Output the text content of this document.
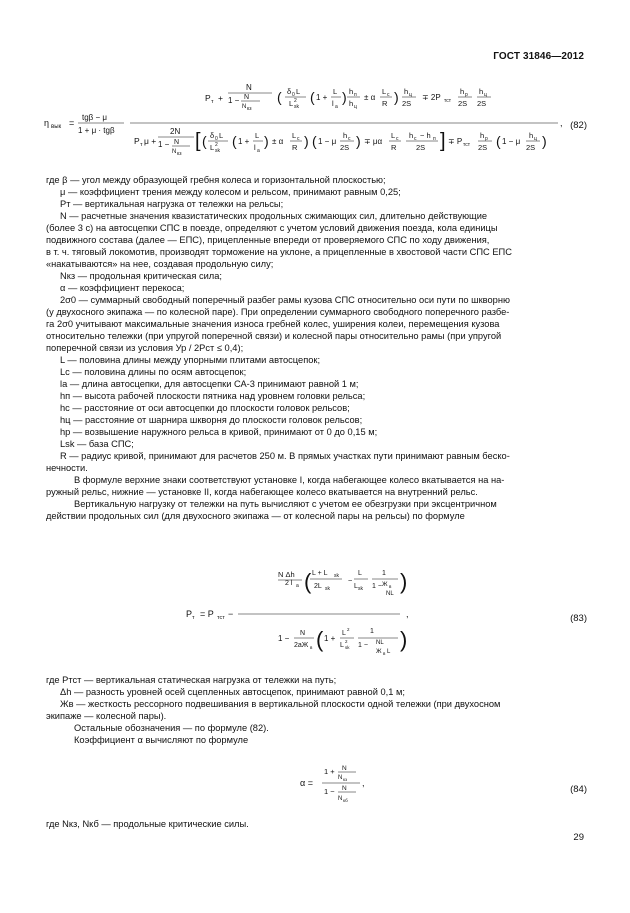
ГОСТ 31846—2012
η вык =
tgβ − μ
1 + μ · tgβ
P т +
N
1 − N
N кз
( δ 0 L
L sk
2 ( 1 +
L
l а
) h п
h ц
± α
L с
R ) h ц
2S
∓ 2P тст
h р
2S
h ц
2S
P т μ +
2N
1 − N
N кз
[ ( δ 0 L
L sk
2 ( 1 +
L
l а
) ± α
L с
R ) ( 1 − μ
h с
2S ) ∓ μα
L с
R
h с − h п
2S ] ∓ P тст
h р
2S ( 1 − μ
h ц
2S )
, (82)

где β — угол между образующей гребня колеса и горизонтальной плоскостью;

μ — коэффициент трения между колесом и рельсом, принимают равным 0,25;

Pт — вертикальная нагрузка от тележки на рельсы;

N — расчетные значения квазистатических продольных сжимающих сил, длительно действующие

(более 3 с) на автосцепки СПС в поезде, определяют с учетом условий движения поезда, кола единицы

подвижного состава (далее — ЕПС), прицепленные впереди от проверяемого СПС по ходу движения,

в т. ч. тяговый локомотив, производят торможение на уклоне, а прицепленные в хвостовой части СПС ЕПС

«накатываются» на нее, создавая продольную силу;

Nкз — продольная критическая сила;

α — коэффициент перекоса;

2σ0 — суммарный свободный поперечный разбег рамы кузова СПС относительно оси пути по шкворню

(у двухосного экипажа — по колесной паре). При определении суммарного свободного поперечного разбе-

га 2σ0 учитывают максимальные значения износа гребней колес, уширения колеи, перемещения кузова

относительно тележки (при упругой поперечной связи) и колесной пары относительно рамы (при упругой

поперечной связи из условия Ур / 2Рст ≤ 0,4);

L — половина длины между упорными плитами автосцепок;

Lс — половина длины по осям автосцепок;

lа — длина автосцепки, для автосцепки СА-3 принимают равной 1 м;

hп — высота рабочей плоскости пятника над уровнем головки рельса;

hс — расстояние от оси автосцепки до плоскости головок рельсов;

hц — расстояние от шарнира шкворня до плоскости головок рельсов;

hр — возвышение наружного рельса в кривой, принимают от 0 до 0,15 м;

Lsk — база СПС;

R — радиус кривой, принимают для расчетов 250 м. В прямых участках пути принимают равным беско-

нечности.

В формуле верхние знаки соответствуют установке I, когда набегающее колесо вкатывается на на-

ружный рельс, нижние — установке II, когда набегающее колесо вкатывается на внутренний рельс.

Вертикальную нагрузку от тележки на путь вычисляют с учетом ее обезгрузки при эксцентричном

действии продольных сил (для двухосного экипажа — от колесной пары на рельсы) по формуле

P т = P тст −
N Δh
2 l а ( L + L sk
2L sk
−
L
L sk
1
1 − Ж в
NL )
1 −
N
2aЖ в ( 1 +
L
2
L
2
sk
1
1 − NL
Ж в L )
,	(83)

где Pтст — вертикальная статическая нагрузка от тележки на путь;

Δh — разность уровней осей сцепленных автосцепок, принимают равной 0,1 м;

Жв — жесткость рессорного подвешивания в вертикальной плоскости одной тележки (при двухосном

экипаже — колесной пары).

Остальные обозначения — по формуле (82).

Коэффициент α вычисляют по формуле

α =
1 + N
N кз
1 − N
N кб
,
(84)

где Nкз, Nкб — продольные критические силы.

29
